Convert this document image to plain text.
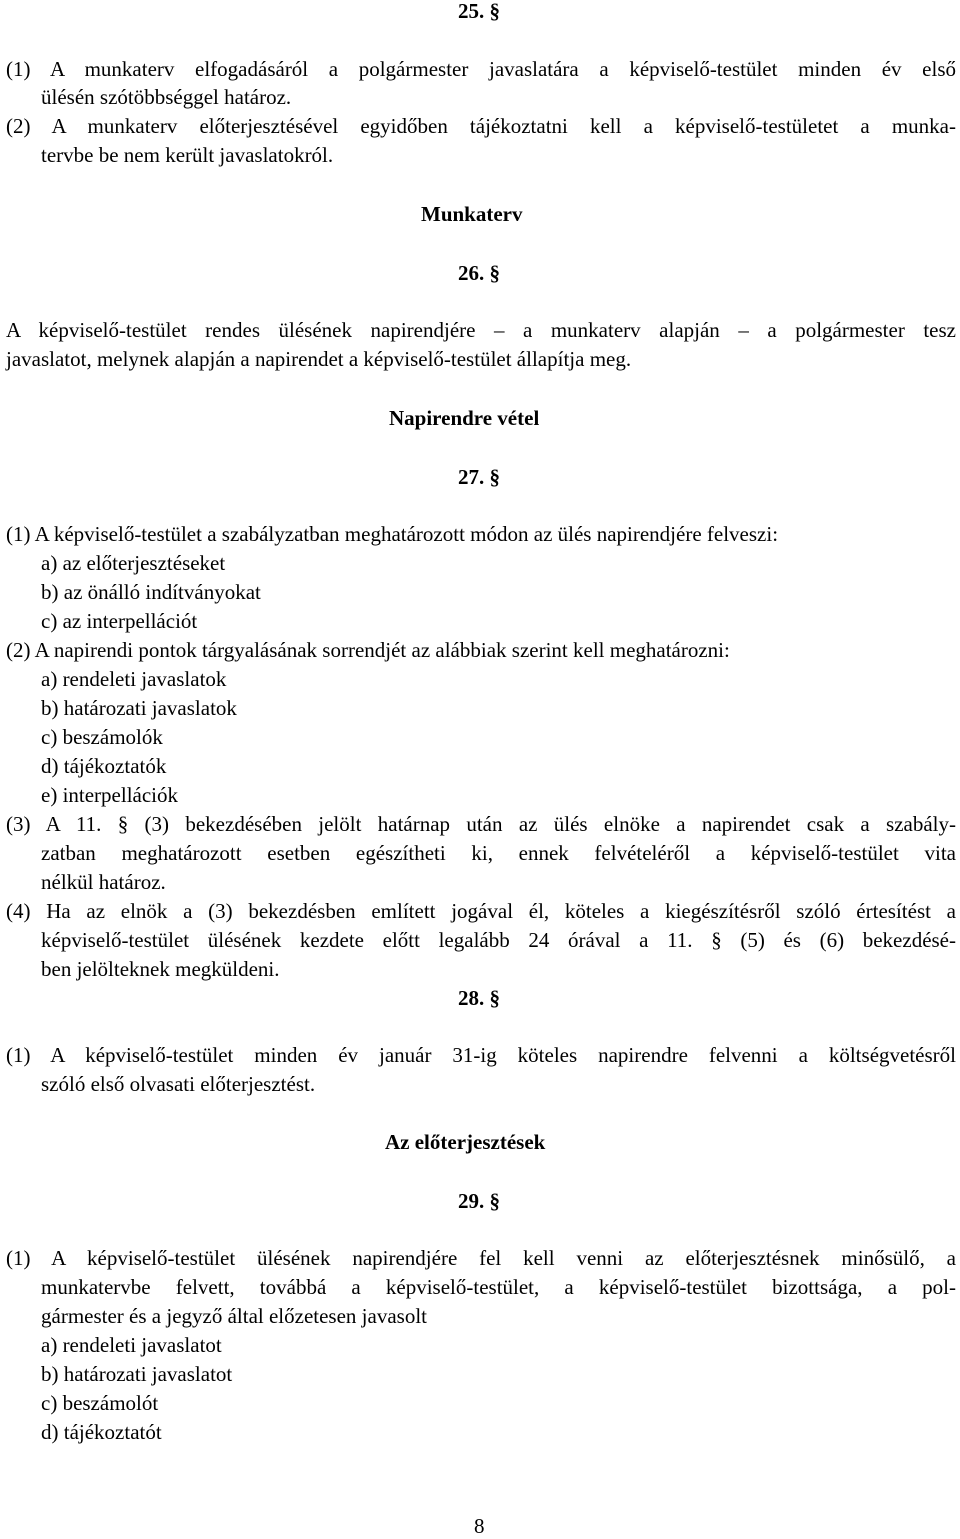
25. §
(1) A munkaterv elfogadásáról a polgármester javaslatára a képviselő-testület minden év első
ülésén szótöbbséggel határoz.
(2) A munkaterv előterjesztésével egyidőben tájékoztatni kell a képviselő-testületet a munka-
tervbe be nem került javaslatokról.
Munkaterv
26. §
A képviselő-testület rendes ülésének napirendjére – a munkaterv alapján – a polgármester tesz
javaslatot, melynek alapján a napirendet a képviselő-testület állapítja meg.
Napirendre vétel
27. §
(1) A képviselő-testület a szabályzatban meghatározott módon az ülés napirendjére felveszi:
a) az előterjesztéseket
b) az önálló indítványokat
c) az interpellációt
(2) A napirendi pontok tárgyalásának sorrendjét az alábbiak szerint kell meghatározni:
a) rendeleti javaslatok
b) határozati javaslatok
c) beszámolók
d) tájékoztatók
e) interpellációk
(3) A 11. § (3) bekezdésében jelölt határnap után az ülés elnöke a napirendet csak a szabály-
zatban meghatározott esetben egészítheti ki, ennek felvételéről a képviselő-testület vita
nélkül határoz.
(4) Ha az elnök a (3) bekezdésben említett jogával él, köteles a kiegészítésről szóló értesítést a
képviselő-testület ülésének kezdete előtt legalább 24 órával a 11. § (5) és (6) bekezdésé-
ben jelölteknek megküldeni.
28. §
(1) A képviselő-testület minden év január 31-ig köteles napirendre felvenni a költségvetésről
szóló első olvasati előterjesztést.
Az előterjesztések
29. §
(1) A képviselő-testület ülésének napirendjére fel kell venni az előterjesztésnek minősülő, a
munkatervbe felvett, továbbá a képviselő-testület, a képviselő-testület bizottsága, a pol-
gármester és a jegyző által előzetesen javasolt
a) rendeleti javaslatot
b) határozati javaslatot
c) beszámolót
d) tájékoztatót
8
